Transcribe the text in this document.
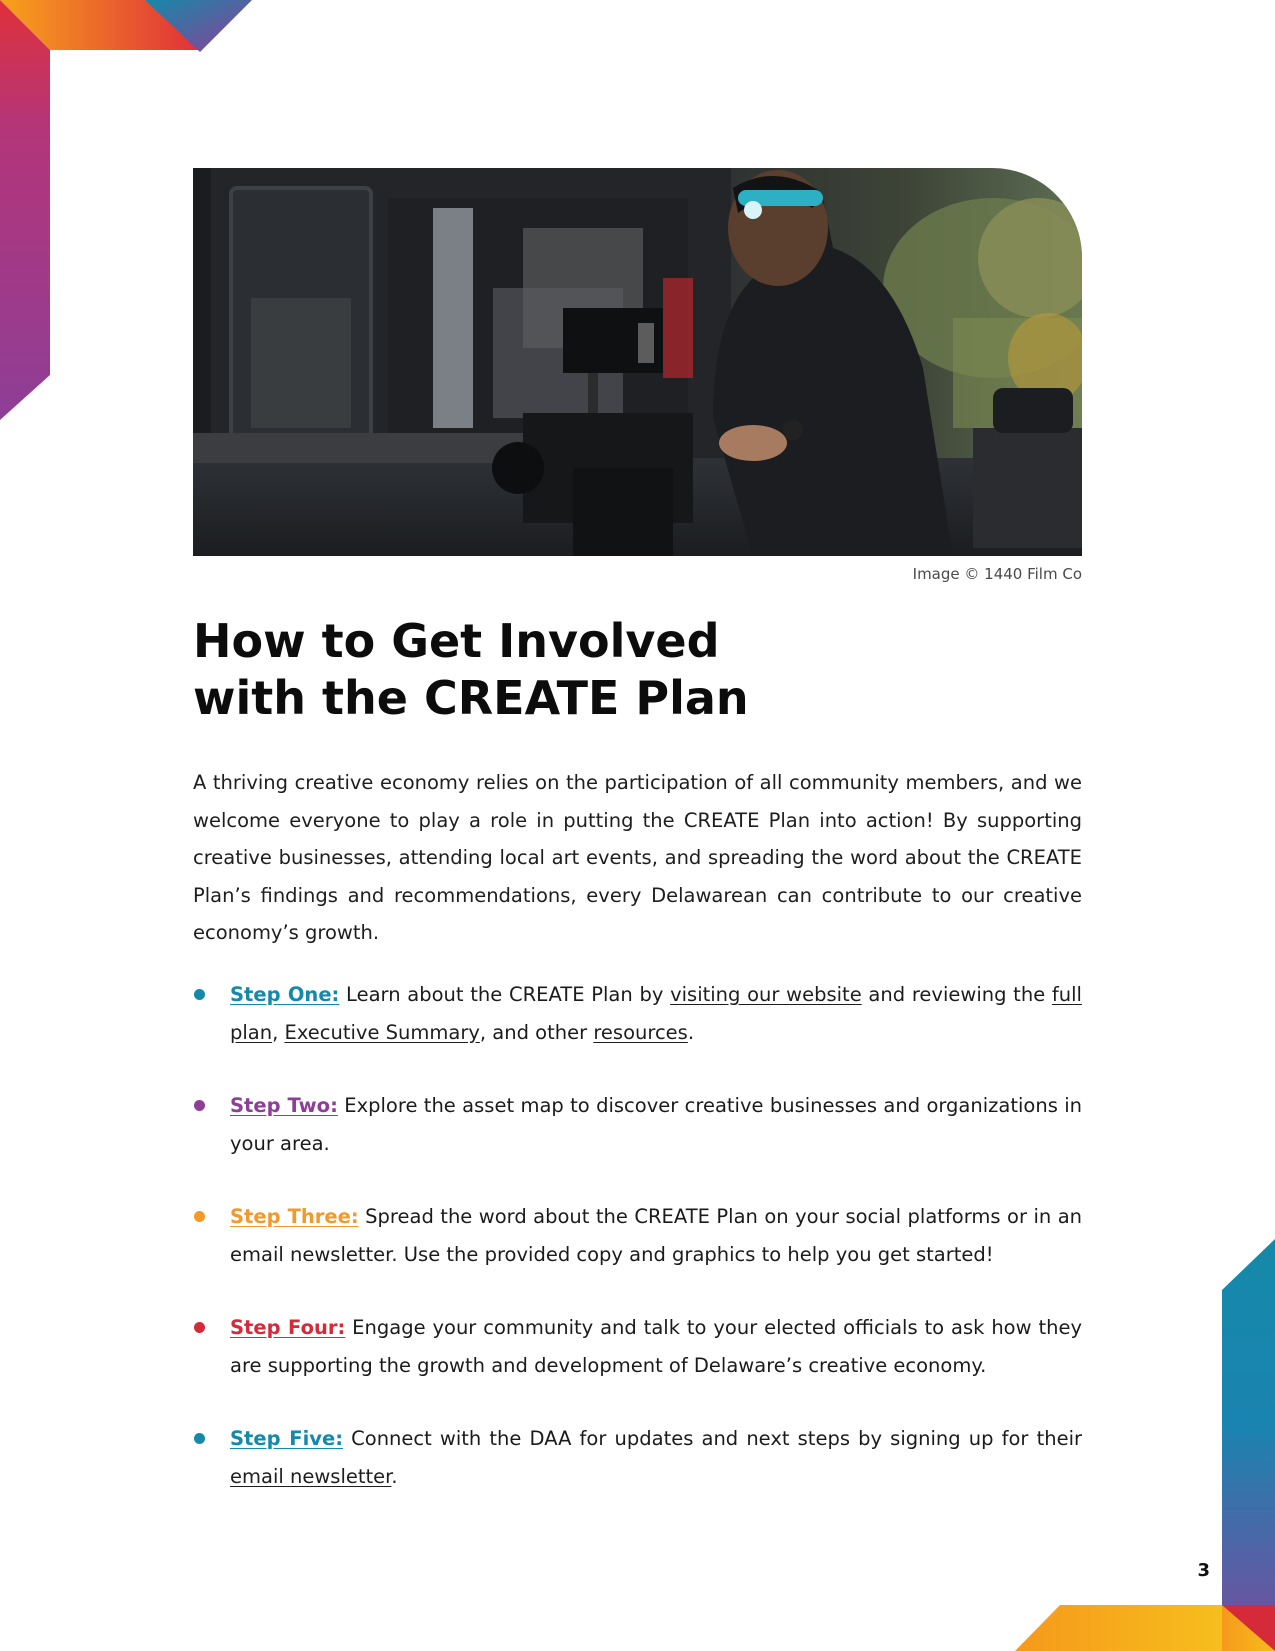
Image © 1440 Film Co
How to Get Involved
with the CREATE Plan

A thriving creative economy relies on the participation of all community members, and we welcome everyone to play a role in putting the CREATE Plan into action! By supporting creative businesses, attending local art events, and spreading the word about the CREATE Plan’s findings and recommendations, every Delawarean can contribute to our creative economy’s growth.

Step One: Learn about the CREATE Plan by visiting our website and reviewing the full plan, Executive Summary, and other resources.
Step Two: Explore the asset map to discover creative businesses and organizations in your area.
Step Three: Spread the word about the CREATE Plan on your social platforms or in an email newsletter. Use the provided copy and graphics to help you get started!
Step Four: Engage your community and talk to your elected officials to ask how they are supporting the growth and development of Delaware’s creative economy.
Step Five: Connect with the DAA for updates and next steps by signing up for their email newsletter.
3
